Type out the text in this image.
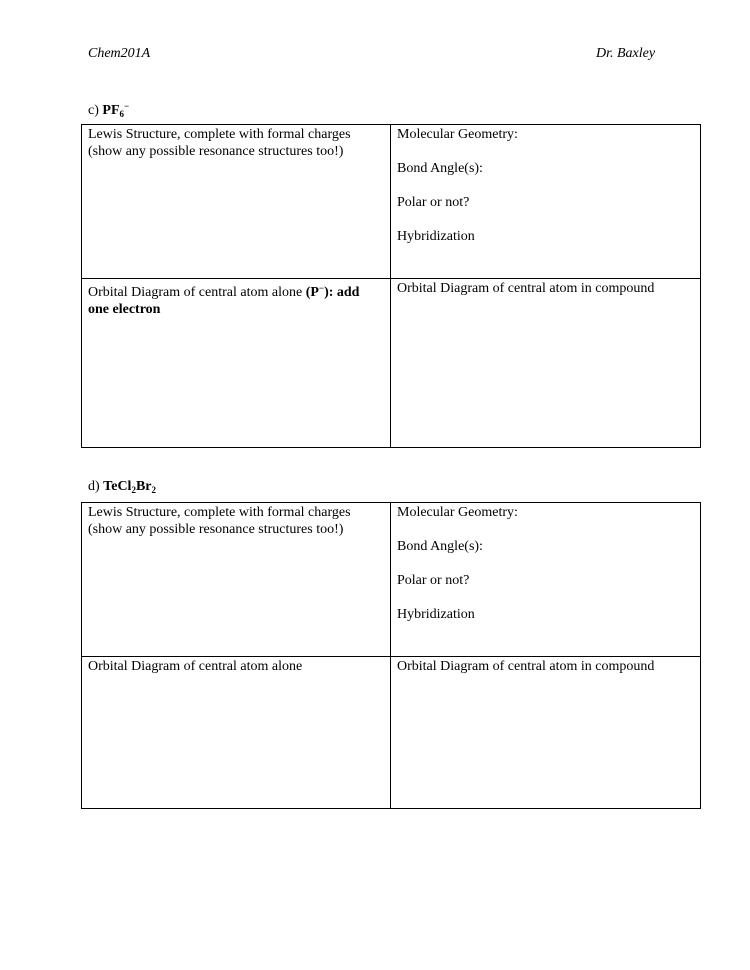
Chem201A	Dr. Baxley
c) $PF_6^-$
Lewis Structure, complete with formal charges
(show any possible resonance structures too!)
Molecular Geometry:
Bond Angle(s):
Polar or not?
Hybridization
Orbital Diagram of central atom alone (P−): add
one electron
Orbital Diagram of central atom in compound
d) $TeCl_2Br_2$
Lewis Structure, complete with formal charges
(show any possible resonance structures too!)
Molecular Geometry:
Bond Angle(s):
Polar or not?
Hybridization
Orbital Diagram of central atom alone	Orbital Diagram of central atom in compound
